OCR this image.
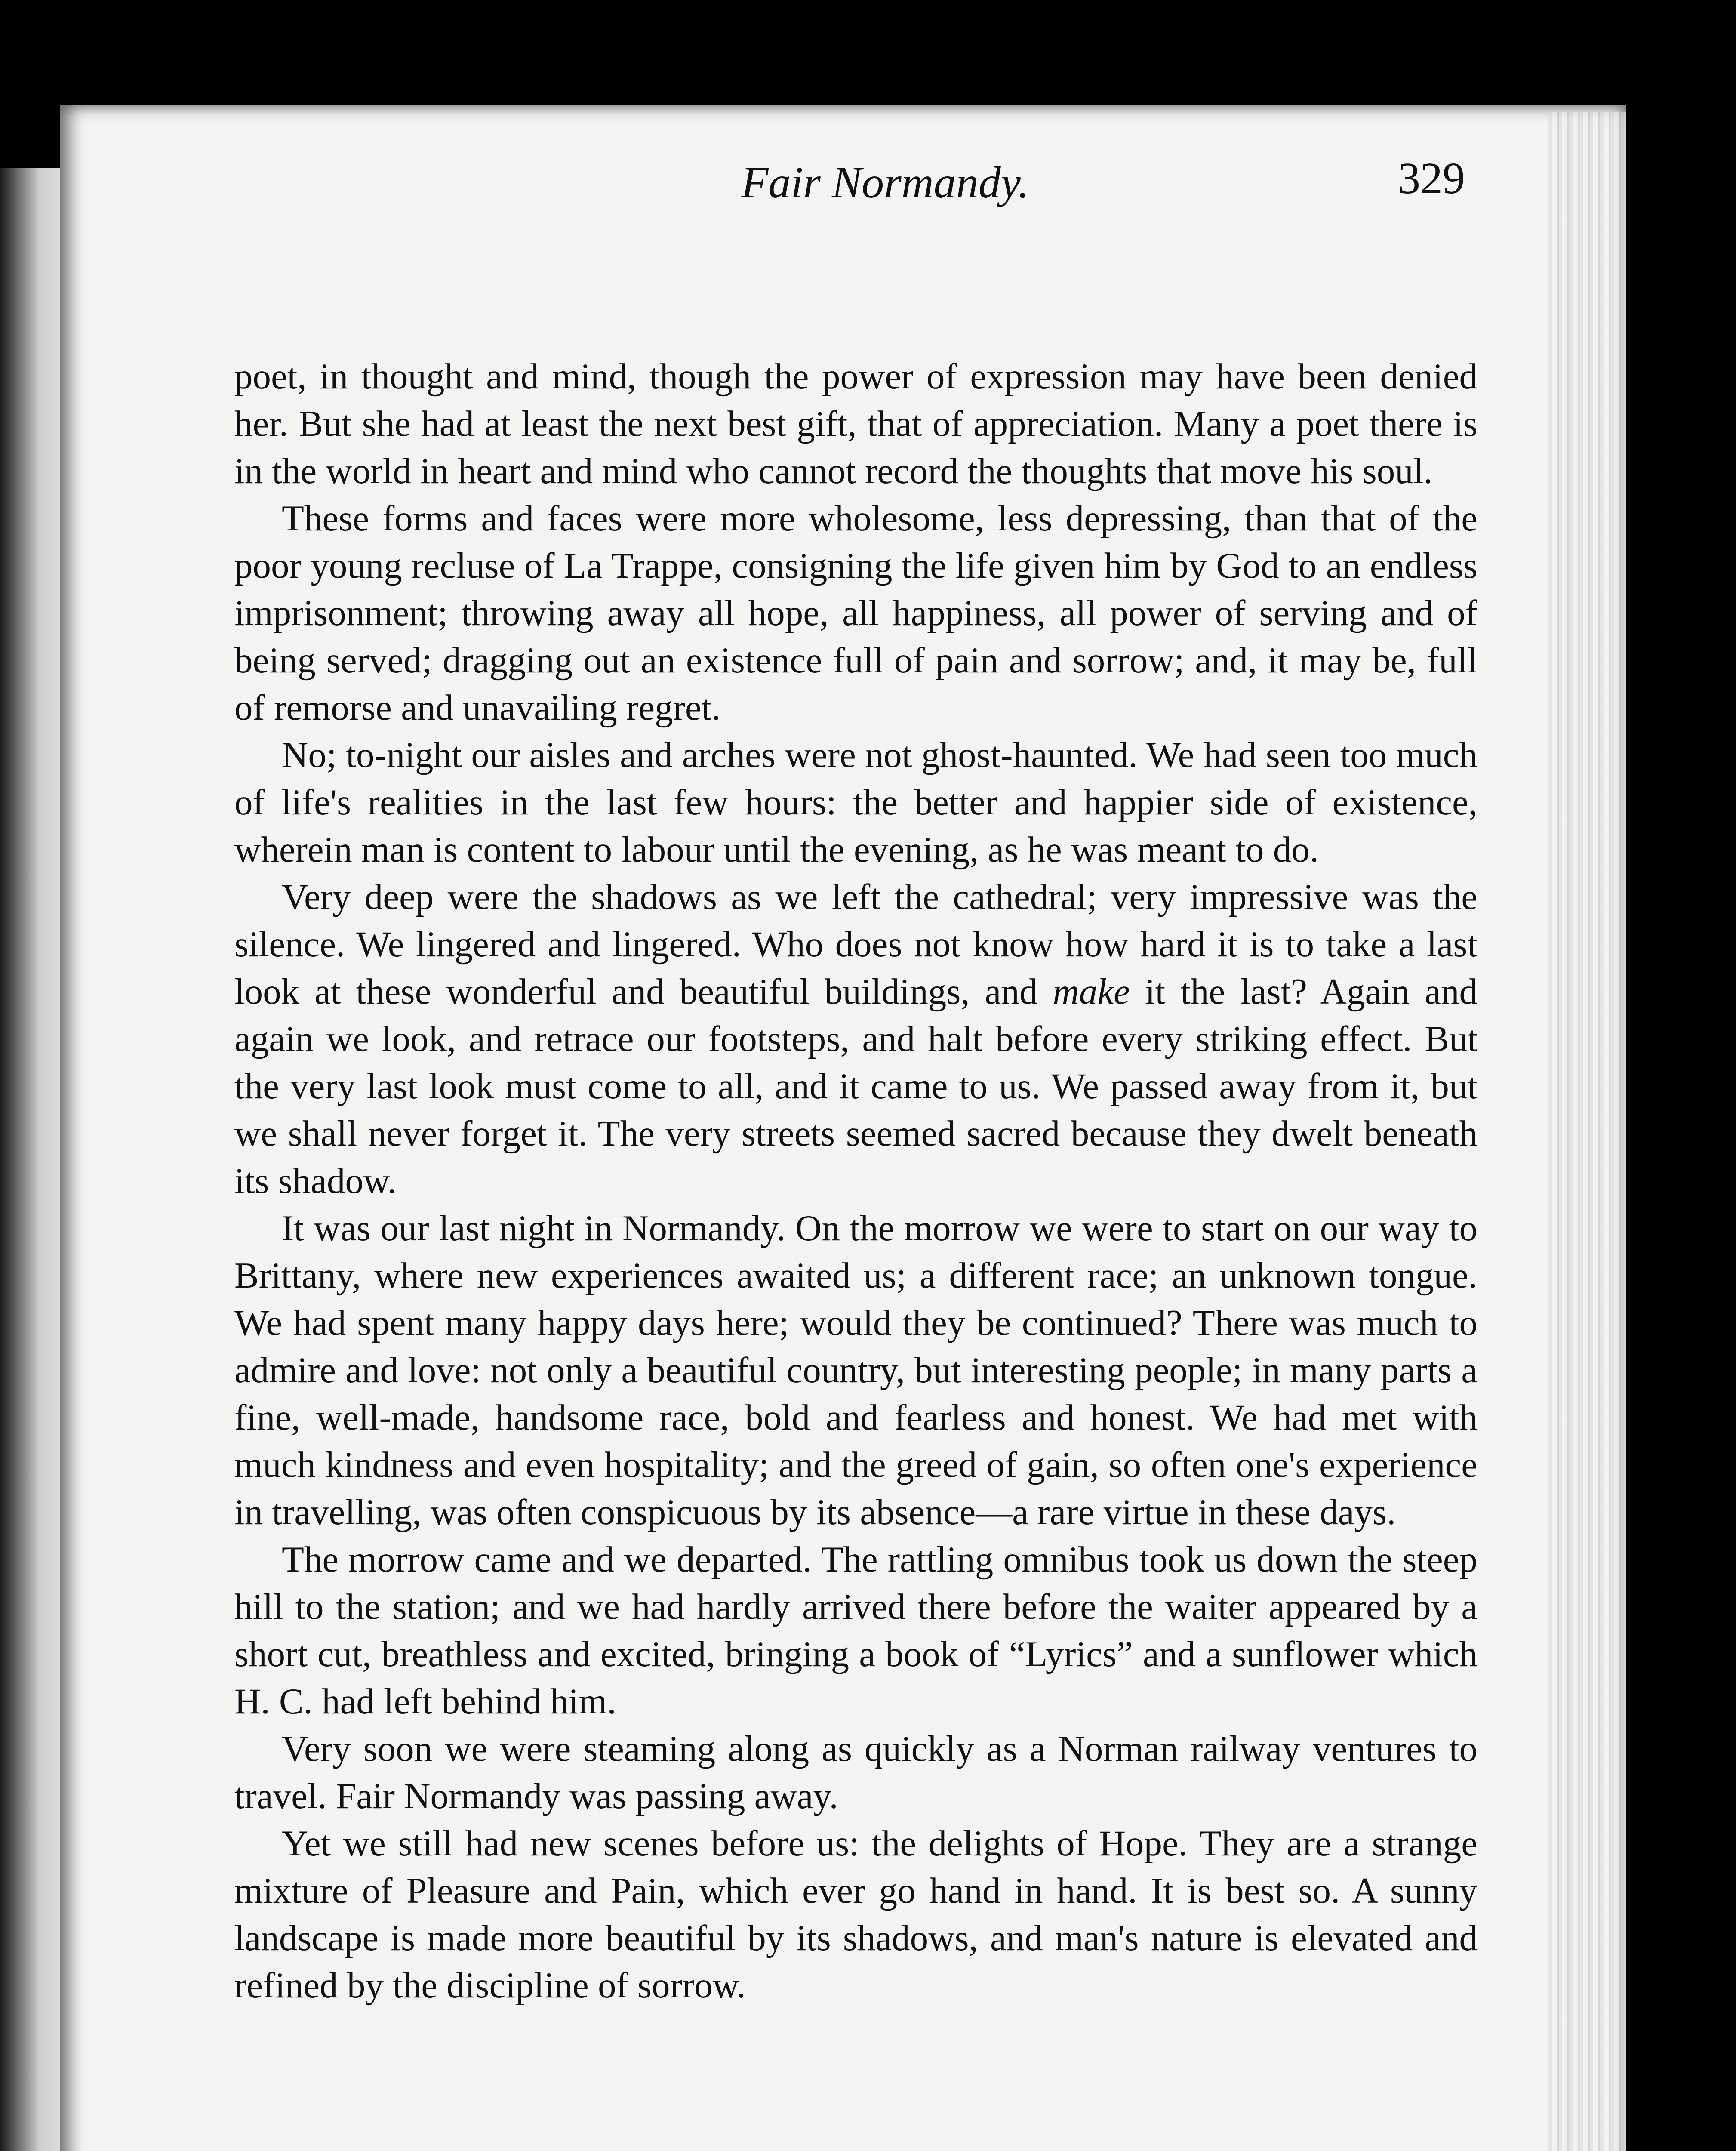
Fair Normandy.	329

poet, in thought and mind, though the power of expression may have been denied her. But she had at least the next best gift, that of appreciation. Many a poet there is in the world in heart and mind who cannot record the thoughts that move his soul.

These forms and faces were more wholesome, less depressing, than that of the poor young recluse of La Trappe, consigning the life given him by God to an endless imprisonment; throwing away all hope, all happiness, all power of serving and of being served; dragging out an existence full of pain and sorrow; and, it may be, full of remorse and unavailing regret.

No; to-night our aisles and arches were not ghost-haunted. We had seen too much of life's realities in the last few hours: the better and happier side of existence, wherein man is content to labour until the evening, as he was meant to do.

Very deep were the shadows as we left the cathedral; very impressive was the silence. We lingered and lingered. Who does not know how hard it is to take a last look at these wonderful and beautiful buildings, and make it the last? Again and again we look, and retrace our footsteps, and halt before every striking effect. But the very last look must come to all, and it came to us. We passed away from it, but we shall never forget it. The very streets seemed sacred because they dwelt beneath its shadow.

It was our last night in Normandy. On the morrow we were to start on our way to Brittany, where new experiences awaited us; a different race; an unknown tongue. We had spent many happy days here; would they be continued? There was much to admire and love: not only a beautiful country, but interesting people; in many parts a fine, well-made, handsome race, bold and fearless and honest. We had met with much kindness and even hospitality; and the greed of gain, so often one's experience in travelling, was often conspicuous by its absence—a rare virtue in these days.

The morrow came and we departed. The rattling omnibus took us down the steep hill to the station; and we had hardly arrived there before the waiter appeared by a short cut, breathless and excited, bringing a book of “Lyrics” and a sunflower which H. C. had left behind him.

Very soon we were steaming along as quickly as a Norman railway ventures to travel. Fair Normandy was passing away.

Yet we still had new scenes before us: the delights of Hope. They are a strange mixture of Pleasure and Pain, which ever go hand in hand. It is best so. A sunny landscape is made more beautiful by its shadows, and man's nature is elevated and refined by the discipline of sorrow.
